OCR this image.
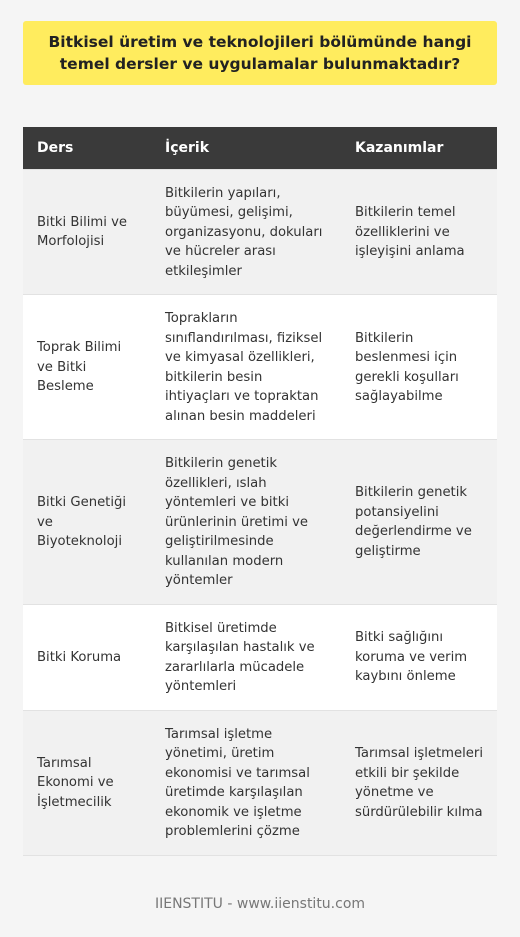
Bitkisel üretim ve teknolojileri bölümünde hangi temel dersler ve uygulamalar bulunmaktadır?
Ders	İçerik	Kazanımlar
Bitki Bilimi ve Morfolojisi	Bitkilerin yapıları, büyümesi, gelişimi, organizasyonu, dokuları ve hücreler arası etkileşimler	Bitkilerin temel özelliklerini ve işleyişini anlama
Toprak Bilimi ve Bitki Besleme	Toprakların sınıflandırılması, fiziksel ve kimyasal özellikleri, bitkilerin besin ihtiyaçları ve topraktan alınan besin maddeleri	Bitkilerin beslenmesi için gerekli koşulları sağlayabilme
Bitki Genetiği ve Biyoteknoloji	Bitkilerin genetik özellikleri, ıslah yöntemleri ve bitki ürünlerinin üretimi ve geliştirilmesinde kullanılan modern yöntemler	Bitkilerin genetik potansiyelini değerlendirme ve geliştirme
Bitki Koruma	Bitkisel üretimde karşılaşılan hastalık ve zararlılarla mücadele yöntemleri	Bitki sağlığını koruma ve verim kaybını önleme
Tarımsal Ekonomi ve İşletmecilik	Tarımsal işletme yönetimi, üretim ekonomisi ve tarımsal üretimde karşılaşılan ekonomik ve işletme problemlerini çözme	Tarımsal işletmeleri etkili bir şekilde yönetme ve sürdürülebilir kılma
IIENSTITU - www.iienstitu.com
